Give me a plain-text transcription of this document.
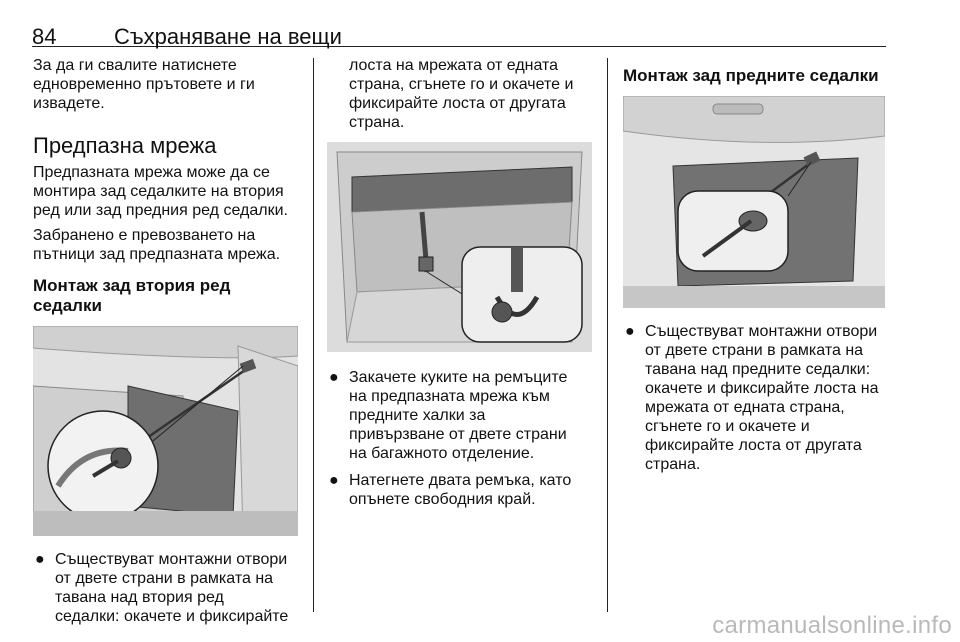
84	Съхраняване на вещи

За да ги свалите натиснете
едновременно прътовете и ги
извадете.

Предпазна мрежа

Предпазната мрежа може да се
монтира зад седалките на втория
ред или зад предния ред седалки.

Забранено е превозването на
пътници зад предпазната мрежа.

Монтаж зад втория ред седалки

● Съществуват монтажни отвори
от двете страни в рамката на
тавана над втория ред
седалки: окачете и фиксирайте

лоста на мрежата от едната
страна, сгънете го и окачете и
фиксирайте лоста от другата
страна.

● Закачете куките на ремъците
на предпазната мрежа към
предните халки за
привързване от двете страни
на багажното отделение.

● Натегнете двата ремъка, като
опънете свободния край.

Монтаж зад предните седалки

● Съществуват монтажни отвори
от двете страни в рамката на
тавана над предните седалки:
окачете и фиксирайте лоста на
мрежата от едната страна,
сгънете го и окачете и
фиксирайте лоста от другата
страна.

carmanualsonline.info
